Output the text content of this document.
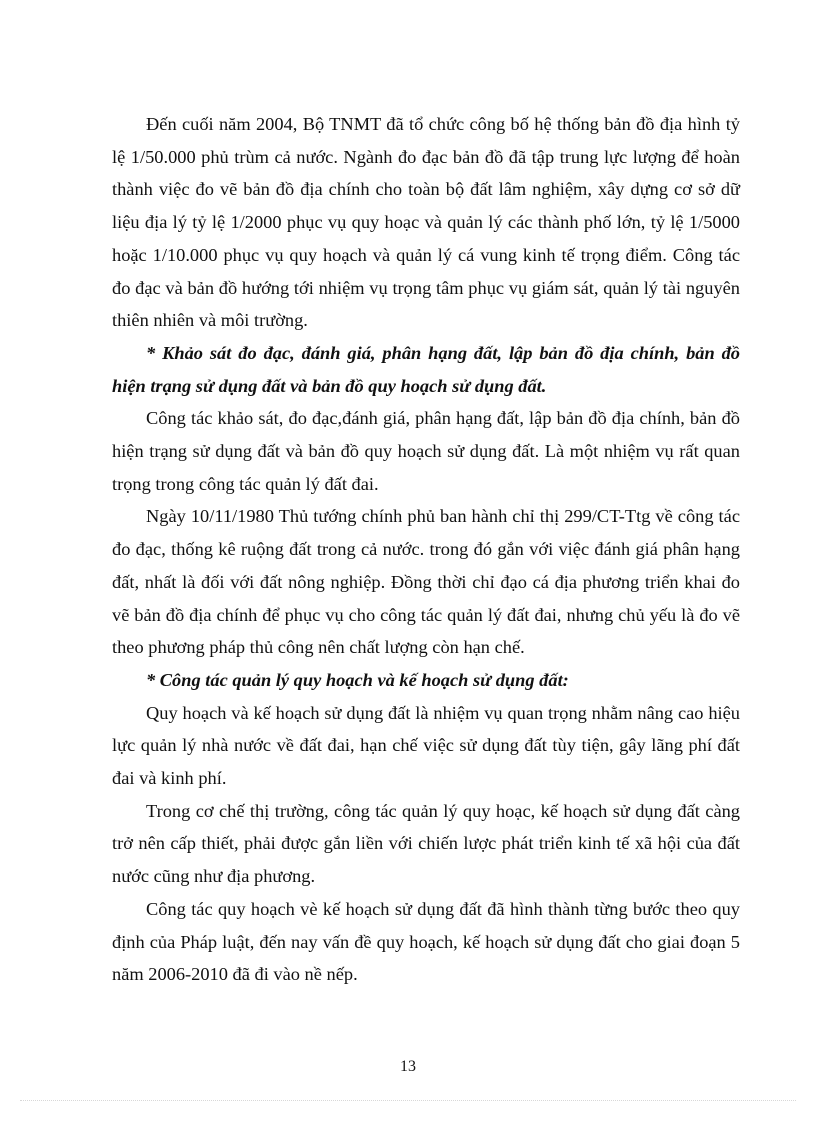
Đến cuối năm 2004, Bộ TNMT đã tổ chức công bố hệ thống bản đồ địa hình tỷ lệ 1/50.000 phủ trùm cả nước. Ngành đo đạc bản đồ đã tập trung lực lượng để hoàn thành việc đo vẽ bản đồ địa chính cho toàn bộ đất lâm nghiệm, xây dựng cơ sở dữ liệu địa lý tỷ lệ 1/2000 phục vụ quy hoạc và quản lý các thành phố lớn, tỷ lệ 1/5000 hoặc 1/10.000 phục vụ quy hoạch và quản lý cá vung kinh tế trọng điểm. Công tác đo đạc và bản đồ hướng tới nhiệm vụ trọng tâm phục vụ giám sát, quản lý tài nguyên thiên nhiên và môi trường.

* Khảo sát đo đạc, đánh giá, phân hạng đất, lập bản đồ địa chính, bản đồ hiện trạng sử dụng đất và bản đồ quy hoạch sử dụng đất.

Công tác khảo sát, đo đạc,đánh giá, phân hạng đất, lập bản đồ địa chính, bản đồ hiện trạng sử dụng đất và bản đồ quy hoạch sử dụng đất. Là một nhiệm vụ rất quan trọng trong công tác quản lý đất đai.

Ngày 10/11/1980 Thủ tướng chính phủ ban hành chỉ thị 299/CT-Ttg về công tác đo đạc, thống kê ruộng đất trong cả nước. trong đó gắn với việc đánh giá phân hạng đất, nhất là đối với đất nông nghiệp. Đồng thời chỉ đạo cá địa phương triển khai đo vẽ bản đồ địa chính để phục vụ cho công tác quản lý đất đai, nhưng chủ yếu là đo vẽ theo phương pháp thủ công nên chất lượng còn hạn chế.

* Công tác quản lý quy hoạch và kế hoạch sử dụng đất:

Quy hoạch và kế hoạch sử dụng đất là nhiệm vụ quan trọng nhằm nâng cao hiệu lực quản lý nhà nước về đất đai, hạn chế việc sử dụng đất tùy tiện, gây lãng phí đất đai và kinh phí.

Trong cơ chế thị trường, công tác quản lý quy hoạc, kế hoạch sử dụng đất càng trở nên cấp thiết, phải được gắn liền với chiến lược phát triển kinh tế xã hội của đất nước cũng như địa phương.

Công tác quy hoạch vè kế hoạch sử dụng đất đã hình thành từng bước theo quy định của Pháp luật, đến nay vấn đề quy hoạch, kế hoạch sử dụng đất cho giai đoạn 5 năm 2006-2010 đã đi vào nề nếp.

13
